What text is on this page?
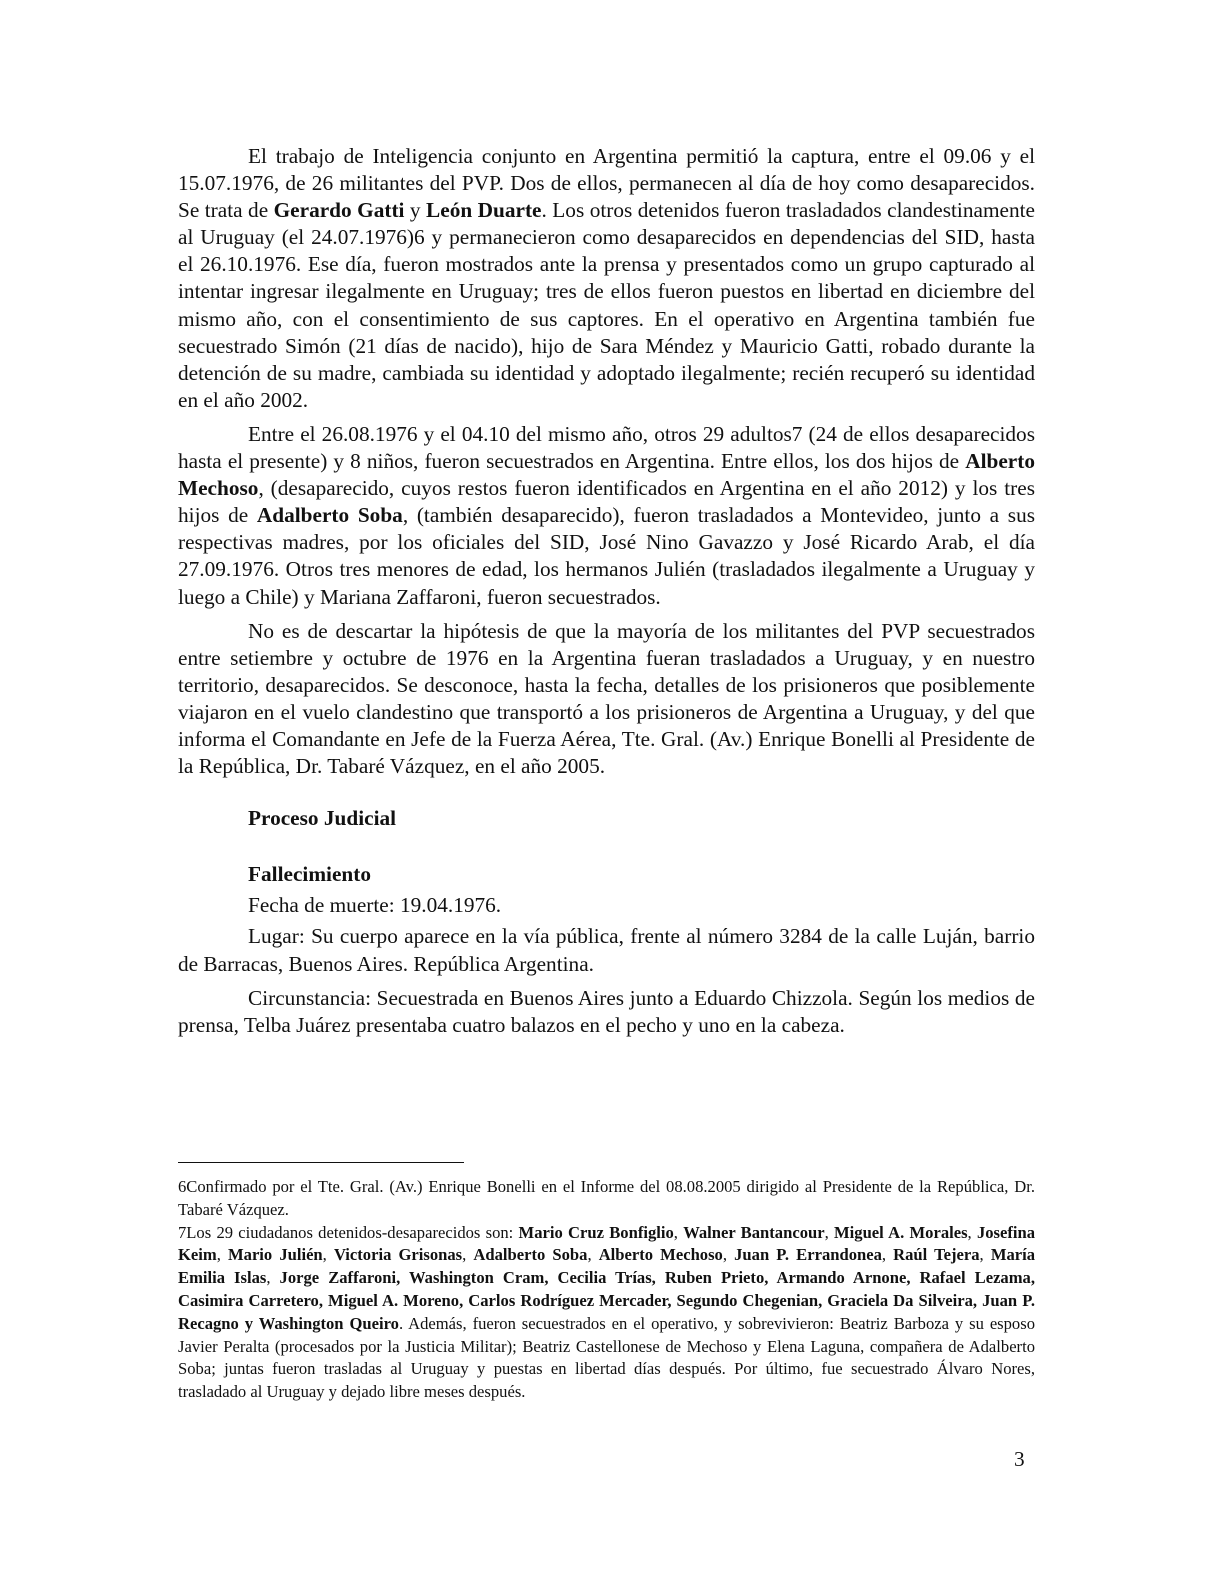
El trabajo de Inteligencia conjunto en Argentina permitió la captura, entre el 09.06 y el 15.07.1976, de 26 militantes del PVP. Dos de ellos, permanecen al día de hoy como desaparecidos. Se trata de Gerardo Gatti y León Duarte. Los otros detenidos fueron trasladados clandestinamente al Uruguay (el 24.07.1976)6 y permanecieron como desaparecidos en dependencias del SID, hasta el 26.10.1976. Ese día, fueron mostrados ante la prensa y presentados como un grupo capturado al intentar ingresar ilegalmente en Uruguay; tres de ellos fueron puestos en libertad en diciembre del mismo año, con el consentimiento de sus captores. En el operativo en Argentina también fue secuestrado Simón (21 días de nacido), hijo de Sara Méndez y Mauricio Gatti, robado durante la detención de su madre, cambiada su identidad y adoptado ilegalmente; recién recuperó su identidad en el año 2002.

Entre el 26.08.1976 y el 04.10 del mismo año, otros 29 adultos7 (24 de ellos desaparecidos hasta el presente) y 8 niños, fueron secuestrados en Argentina. Entre ellos, los dos hijos de Alberto Mechoso, (desaparecido, cuyos restos fueron identificados en Argentina en el año 2012) y los tres hijos de Adalberto Soba, (también desaparecido), fueron trasladados a Montevideo, junto a sus respectivas madres, por los oficiales del SID, José Nino Gavazzo y José Ricardo Arab, el día 27.09.1976. Otros tres menores de edad, los hermanos Julién (trasladados ilegalmente a Uruguay y luego a Chile) y Mariana Zaffaroni, fueron secuestrados.

No es de descartar la hipótesis de que la mayoría de los militantes del PVP secuestrados entre setiembre y octubre de 1976 en la Argentina fueran trasladados a Uruguay, y en nuestro territorio, desaparecidos. Se desconoce, hasta la fecha, detalles de los prisioneros que posiblemente viajaron en el vuelo clandestino que transportó a los prisioneros de Argentina a Uruguay, y del que informa el Comandante en Jefe de la Fuerza Aérea, Tte. Gral. (Av.) Enrique Bonelli al Presidente de la República, Dr. Tabaré Vázquez, en el año 2005.

Proceso Judicial
Fallecimiento

Fecha de muerte: 19.04.1976.

Lugar: Su cuerpo aparece en la vía pública, frente al número 3284 de la calle Luján, barrio de Barracas, Buenos Aires. República Argentina.

Circunstancia: Secuestrada en Buenos Aires junto a Eduardo Chizzola. Según los medios de prensa, Telba Juárez presentaba cuatro balazos en el pecho y uno en la cabeza.

6Confirmado por el Tte. Gral. (Av.) Enrique Bonelli en el Informe del 08.08.2005 dirigido al Presidente de la República, Dr. Tabaré Vázquez.

7Los 29 ciudadanos detenidos-desaparecidos son: Mario Cruz Bonfiglio, Walner Bantancour, Miguel A. Morales, Josefina Keim, Mario Julién, Victoria Grisonas, Adalberto Soba, Alberto Mechoso, Juan P. Errandonea, Raúl Tejera, María Emilia Islas, Jorge Zaffaroni, Washington Cram, Cecilia Trías, Ruben Prieto, Armando Arnone, Rafael Lezama, Casimira Carretero, Miguel A. Moreno, Carlos Rodríguez Mercader, Segundo Chegenian, Graciela Da Silveira, Juan P. Recagno y Washington Queiro. Además, fueron secuestrados en el operativo, y sobrevivieron: Beatriz Barboza y su esposo Javier Peralta (procesados por la Justicia Militar); Beatriz Castellonese de Mechoso y Elena Laguna, compañera de Adalberto Soba; juntas fueron trasladas al Uruguay y puestas en libertad días después. Por último, fue secuestrado Álvaro Nores, trasladado al Uruguay y dejado libre meses después.

3
